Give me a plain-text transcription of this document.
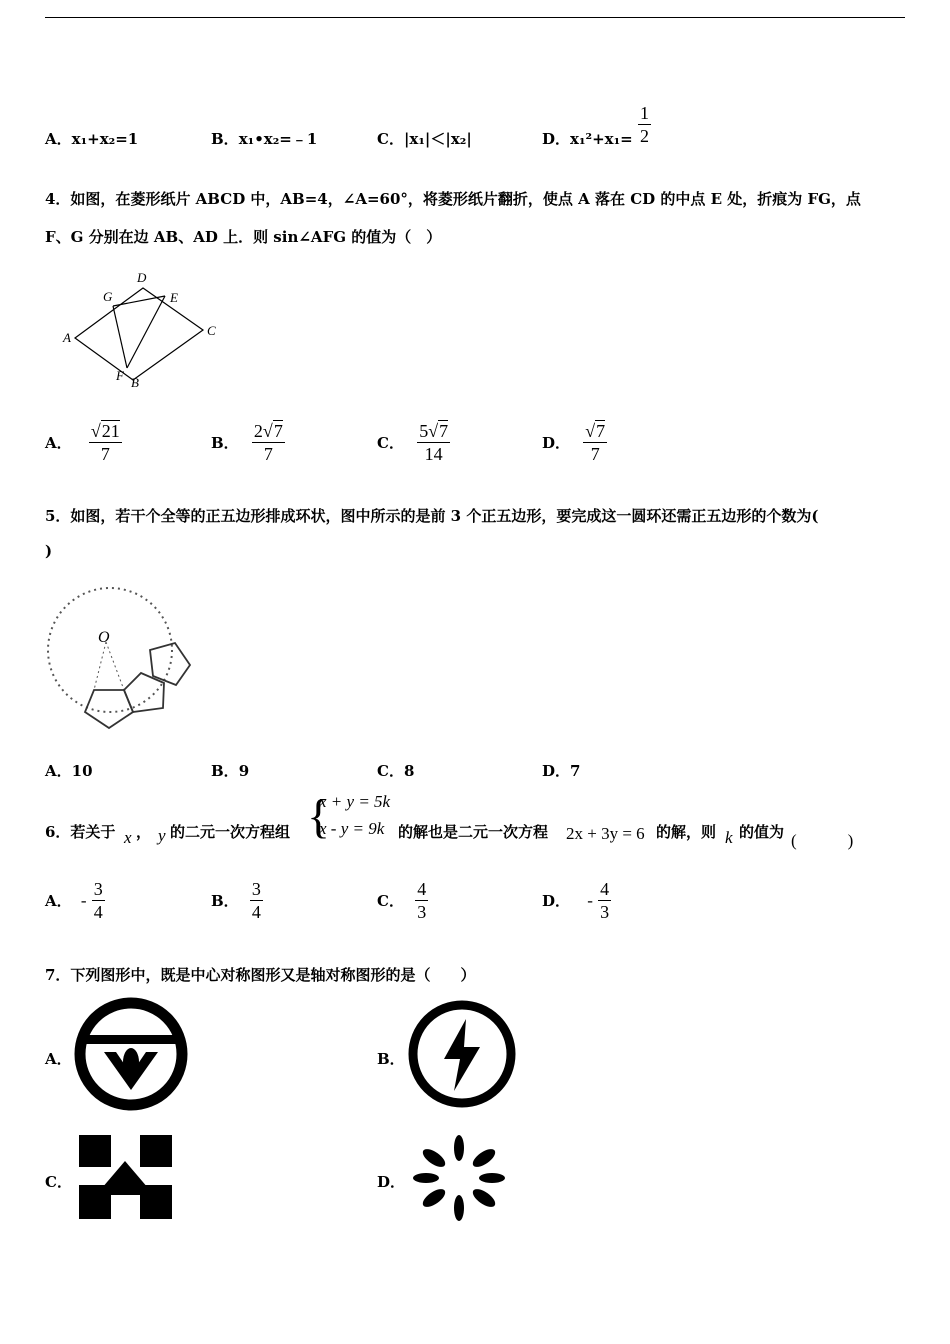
A．x₁+x₂=1	B．x₁•x₂=﹣1	C．|x₁|＜|x₂|	D．$x_1^2+x_1= \frac{1}{2}$
4．如图，在菱形纸片 ABCD 中，AB=4，∠A=60°，将菱形纸片翻折，使点 A 落在 CD 的中点 E 处，折痕为 FG，点
F、G 分别在边 AB、AD 上．则 sin∠AFG 的值为（　）
A
D
G	E
C
F B
A． $\frac{√21}{7}$	B． $\frac{2√7}{7}$	C． $\frac{5√7}{14}$	D． $\frac{√7}{7}$
5．如图，若干个全等的正五边形排成环状，图中所示的是前 3 个正五边形，要完成这一圆环还需正五边形的个数为(
)
O
A．10	B．9	C．8	D．7
6．若关于 x ， y 的二元一次方程组 {
x + y = 5k
x - y = 9k 的解也是二元一次方程 2x + 3y = 6 的解，则 k 的值为 (　　　)
A． - $\frac{3}{4}$	B． $\frac{3}{4}$	C． $\frac{4}{3}$	D． - $\frac{4}{3}$
7．下列图形中，既是中心对称图形又是轴对称图形的是（　　）
A．	B．
C．	D．
